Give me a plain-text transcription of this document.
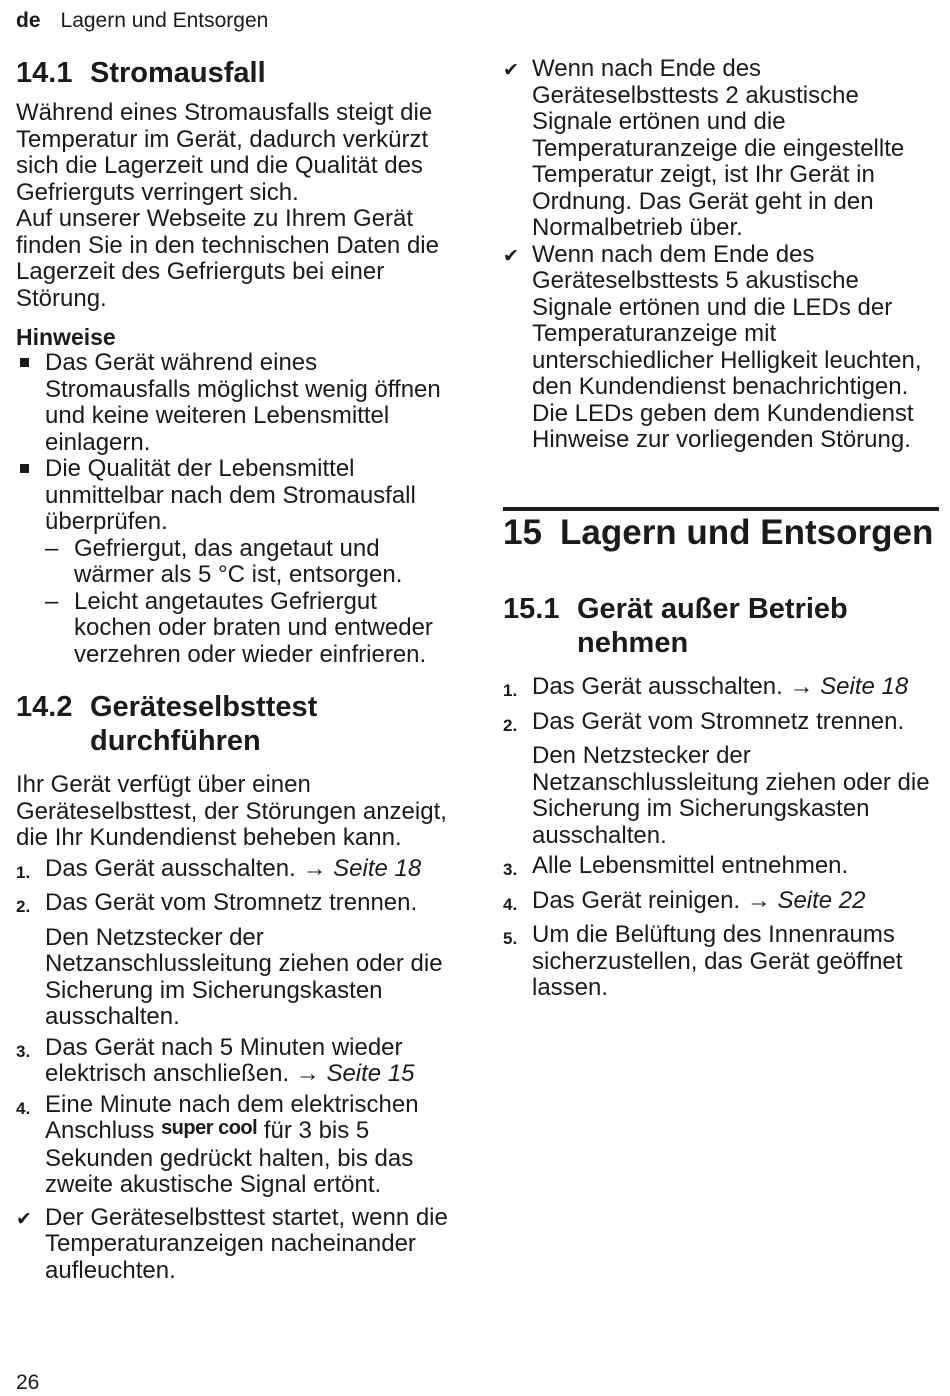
de Lagern und Entsorgen
14.1 Stromausfall

Während eines Stromausfalls steigt die Temperatur im Gerät, dadurch verkürzt sich die Lagerzeit und die Qualität des Gefrierguts verringert sich.

Auf unserer Webseite zu Ihrem Gerät finden Sie in den technischen Daten die Lagerzeit des Gefrierguts bei einer Störung.

Hinweise
Das Gerät während eines Stromausfalls möglichst wenig öffnen und keine weiteren Lebensmittel einlagern.
Die Qualität der Lebensmittel unmittelbar nach dem Stromausfall überprüfen.
– Gefriergut, das angetaut und wärmer als 5 °C ist, entsorgen.
– Leicht angetautes Gefriergut kochen oder braten und entweder verzehren oder wieder einfrieren.
14.2 Geräteselbsttest durchführen

Ihr Gerät verfügt über einen Geräteselbsttest, der Störungen anzeigt, die Ihr Kundendienst beheben kann.

1. Das Gerät ausschalten. → Seite 18
2. Das Gerät vom Stromnetz trennen.
Den Netzstecker der Netzanschlussleitung ziehen oder die Sicherung im Sicherungskasten ausschalten.
3. Das Gerät nach 5 Minuten wieder elektrisch anschließen. → Seite 15
4. Eine Minute nach dem elektrischen Anschluss super cool für 3 bis 5 Sekunden gedrückt halten, bis das zweite akustische Signal ertönt.
✔ Der Geräteselbsttest startet, wenn die Temperaturanzeigen nacheinander aufleuchten.
✔ Wenn nach Ende des Geräteselbsttests 2 akustische Signale ertönen und die Temperaturanzeige die eingestellte Temperatur zeigt, ist Ihr Gerät in Ordnung. Das Gerät geht in den Normalbetrieb über.
✔ Wenn nach dem Ende des Geräteselbsttests 5 akustische Signale ertönen und die LEDs der Temperaturanzeige mit unterschiedlicher Helligkeit leuchten, den Kundendienst benachrichtigen. Die LEDs geben dem Kundendienst Hinweise zur vorliegenden Störung.
15 Lagern und Entsorgen
15.1 Gerät außer Betrieb nehmen
1. Das Gerät ausschalten. → Seite 18
2. Das Gerät vom Stromnetz trennen.
Den Netzstecker der Netzanschlussleitung ziehen oder die Sicherung im Sicherungskasten ausschalten.
3. Alle Lebensmittel entnehmen.
4. Das Gerät reinigen. → Seite 22
5. Um die Belüftung des Innenraums sicherzustellen, das Gerät geöffnet lassen.
26
